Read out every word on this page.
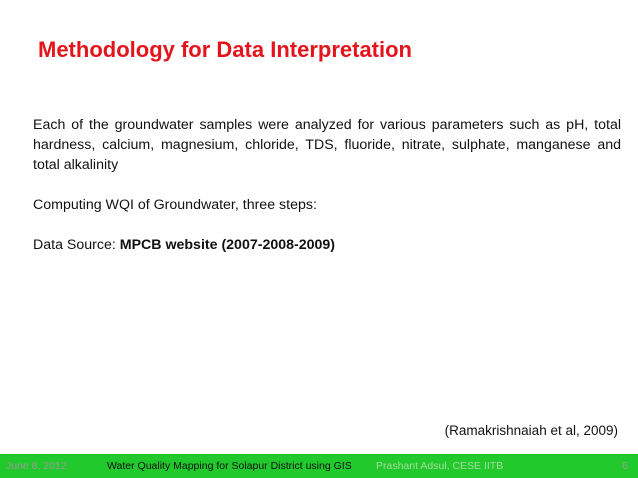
Methodology for Data Interpretation

Each of the groundwater samples were analyzed for various parameters such as pH, total hardness, calcium, magnesium, chloride, TDS, fluoride, nitrate, sulphate, manganese and total alkalinity

Computing WQI of Groundwater, three steps:

Data Source: MPCB website (2007-2008-2009)

(Ramakrishnaiah et al, 2009)
June 8, 2012	Water Quality Mapping for Solapur District using GIS Prashant Adsul, CESE IITB	6
